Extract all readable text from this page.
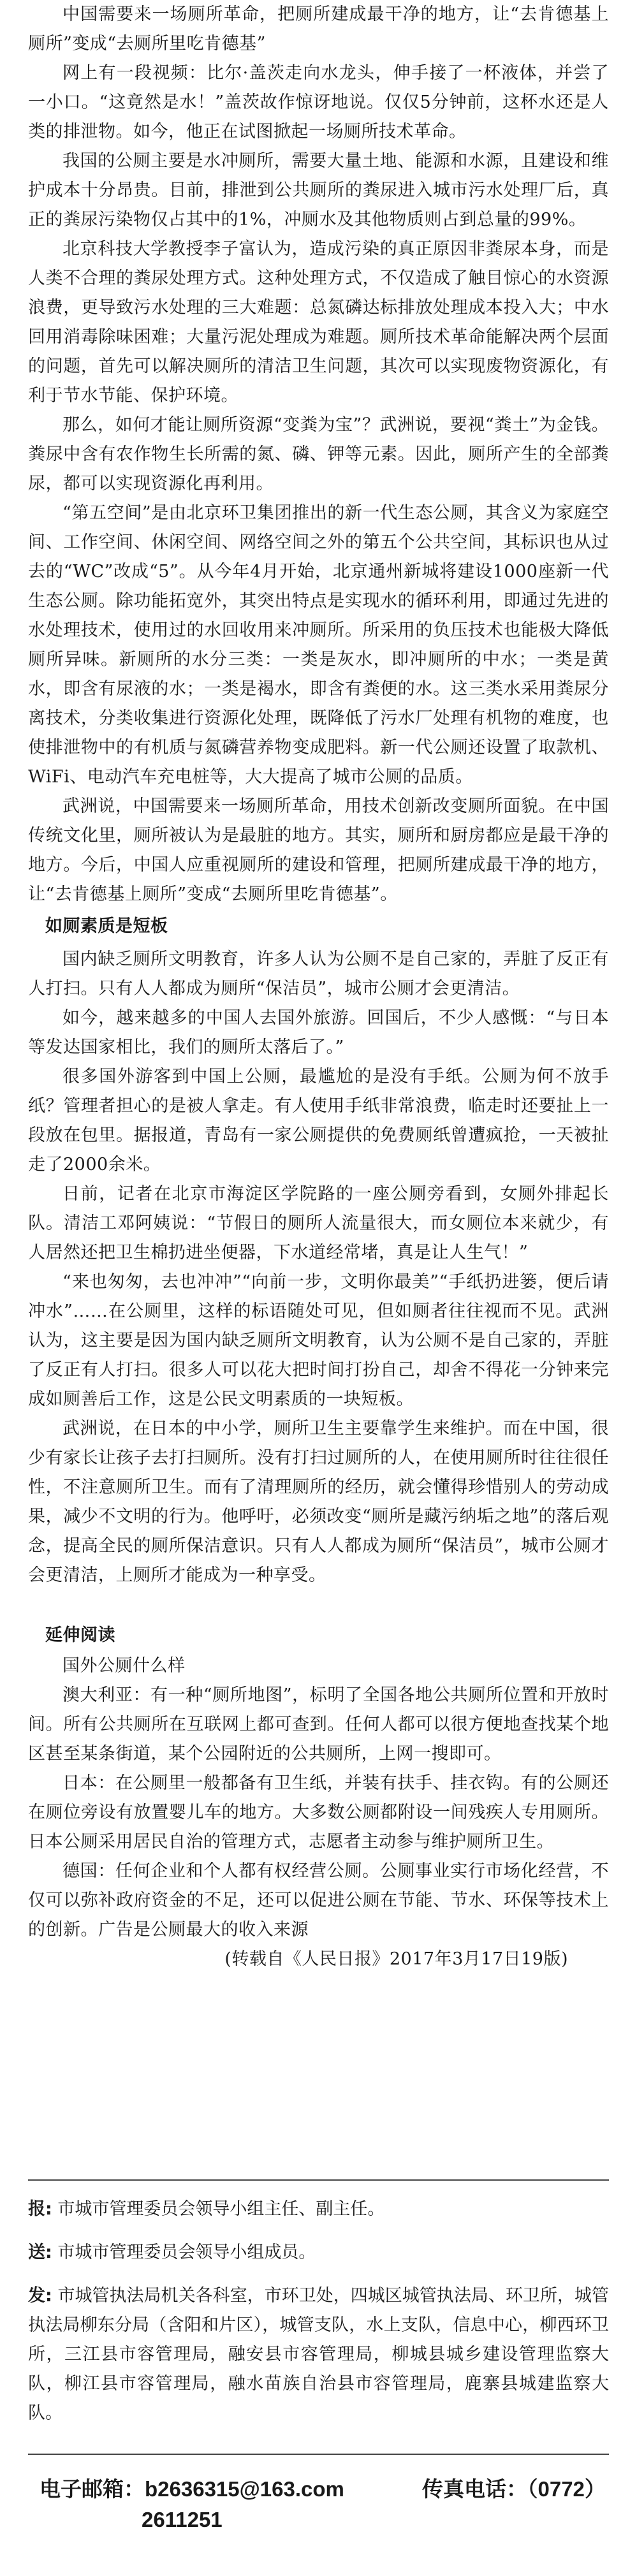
中国需要来一场厕所革命，把厕所建成最干净的地方，让“去肯德基上厕所”变成“去厕所里吃肯德基”

网上有一段视频：比尔·盖茨走向水龙头，伸手接了一杯液体，并尝了一小口。“这竟然是水！”盖茨故作惊讶地说。仅仅5分钟前，这杯水还是人类的排泄物。如今，他正在试图掀起一场厕所技术革命。

我国的公厕主要是水冲厕所，需要大量土地、能源和水源，且建设和维护成本十分昂贵。目前，排泄到公共厕所的粪尿进入城市污水处理厂后，真正的粪尿污染物仅占其中的1%，冲厕水及其他物质则占到总量的99%。

北京科技大学教授李子富认为，造成污染的真正原因非粪尿本身，而是人类不合理的粪尿处理方式。这种处理方式，不仅造成了触目惊心的水资源浪费，更导致污水处理的三大难题：总氮磷达标排放处理成本投入大；中水回用消毒除味困难；大量污泥处理成为难题。厕所技术革命能解决两个层面的问题，首先可以解决厕所的清洁卫生问题，其次可以实现废物资源化，有利于节水节能、保护环境。

那么，如何才能让厕所资源“变粪为宝”？武洲说，要视“粪土”为金钱。粪尿中含有农作物生长所需的氮、磷、钾等元素。因此，厕所产生的全部粪尿，都可以实现资源化再利用。

“第五空间”是由北京环卫集团推出的新一代生态公厕，其含义为家庭空间、工作空间、休闲空间、网络空间之外的第五个公共空间，其标识也从过去的“WC”改成“5”。从今年4月开始，北京通州新城将建设1000座新一代生态公厕。除功能拓宽外，其突出特点是实现水的循环利用，即通过先进的水处理技术，使用过的水回收用来冲厕所。所采用的负压技术也能极大降低厕所异味。新厕所的水分三类：一类是灰水，即冲厕所的中水；一类是黄水，即含有尿液的水；一类是褐水，即含有粪便的水。这三类水采用粪尿分离技术，分类收集进行资源化处理，既降低了污水厂处理有机物的难度，也使排泄物中的有机质与氮磷营养物变成肥料。新一代公厕还设置了取款机、WiFi、电动汽车充电桩等，大大提高了城市公厕的品质。

武洲说，中国需要来一场厕所革命，用技术创新改变厕所面貌。在中国传统文化里，厕所被认为是最脏的地方。其实，厕所和厨房都应是最干净的地方。今后，中国人应重视厕所的建设和管理，把厕所建成最干净的地方，让“去肯德基上厕所”变成“去厕所里吃肯德基”。

如厕素质是短板

国内缺乏厕所文明教育，许多人认为公厕不是自己家的，弄脏了反正有人打扫。只有人人都成为厕所“保洁员”，城市公厕才会更清洁。

如今，越来越多的中国人去国外旅游。回国后，不少人感慨：“与日本等发达国家相比，我们的厕所太落后了。”

很多国外游客到中国上公厕，最尴尬的是没有手纸。公厕为何不放手纸？管理者担心的是被人拿走。有人使用手纸非常浪费，临走时还要扯上一段放在包里。据报道，青岛有一家公厕提供的免费厕纸曾遭疯抢，一天被扯走了2000余米。

日前，记者在北京市海淀区学院路的一座公厕旁看到，女厕外排起长队。清洁工邓阿姨说：“节假日的厕所人流量很大，而女厕位本来就少，有人居然还把卫生棉扔进坐便器，下水道经常堵，真是让人生气！”

“来也匆匆，去也冲冲”“向前一步，文明你最美”“手纸扔进篓，便后请冲水”……在公厕里，这样的标语随处可见，但如厕者往往视而不见。武洲认为，这主要是因为国内缺乏厕所文明教育，认为公厕不是自己家的，弄脏了反正有人打扫。很多人可以花大把时间打扮自己，却舍不得花一分钟来完成如厕善后工作，这是公民文明素质的一块短板。

武洲说，在日本的中小学，厕所卫生主要靠学生来维护。而在中国，很少有家长让孩子去打扫厕所。没有打扫过厕所的人，在使用厕所时往往很任性，不注意厕所卫生。而有了清理厕所的经历，就会懂得珍惜别人的劳动成果，减少不文明的行为。他呼吁，必须改变“厕所是藏污纳垢之地”的落后观念，提高全民的厕所保洁意识。只有人人都成为厕所“保洁员”，城市公厕才会更清洁，上厕所才能成为一种享受。

延伸阅读

国外公厕什么样

澳大利亚：有一种“厕所地图”，标明了全国各地公共厕所位置和开放时间。所有公共厕所在互联网上都可查到。任何人都可以很方便地查找某个地区甚至某条街道，某个公园附近的公共厕所，上网一搜即可。

日本：在公厕里一般都备有卫生纸，并装有扶手、挂衣钩。有的公厕还在厕位旁设有放置婴儿车的地方。大多数公厕都附设一间残疾人专用厕所。日本公厕采用居民自治的管理方式，志愿者主动参与维护厕所卫生。

德国：任何企业和个人都有权经营公厕。公厕事业实行市场化经营，不仅可以弥补政府资金的不足，还可以促进公厕在节能、节水、环保等技术上的创新。广告是公厕最大的收入来源

(转载自《人民日报》2017年3月17日19版)

报: 市城市管理委员会领导小组主任、副主任。
送: 市城市管理委员会领导小组成员。
发: 市城管执法局机关各科室，市环卫处，四城区城管执法局、环卫所，城管执法局柳东分局（含阳和片区），城管支队，水上支队，信息中心，柳西环卫所，三江县市容管理局，融安县市容管理局，柳城县城乡建设管理监察大队，柳江县市容管理局，融水苗族自治县市容管理局，鹿寨县城建监察大队。
电子邮箱：b2636315@163.com	传真电话：（0772）
2611251
